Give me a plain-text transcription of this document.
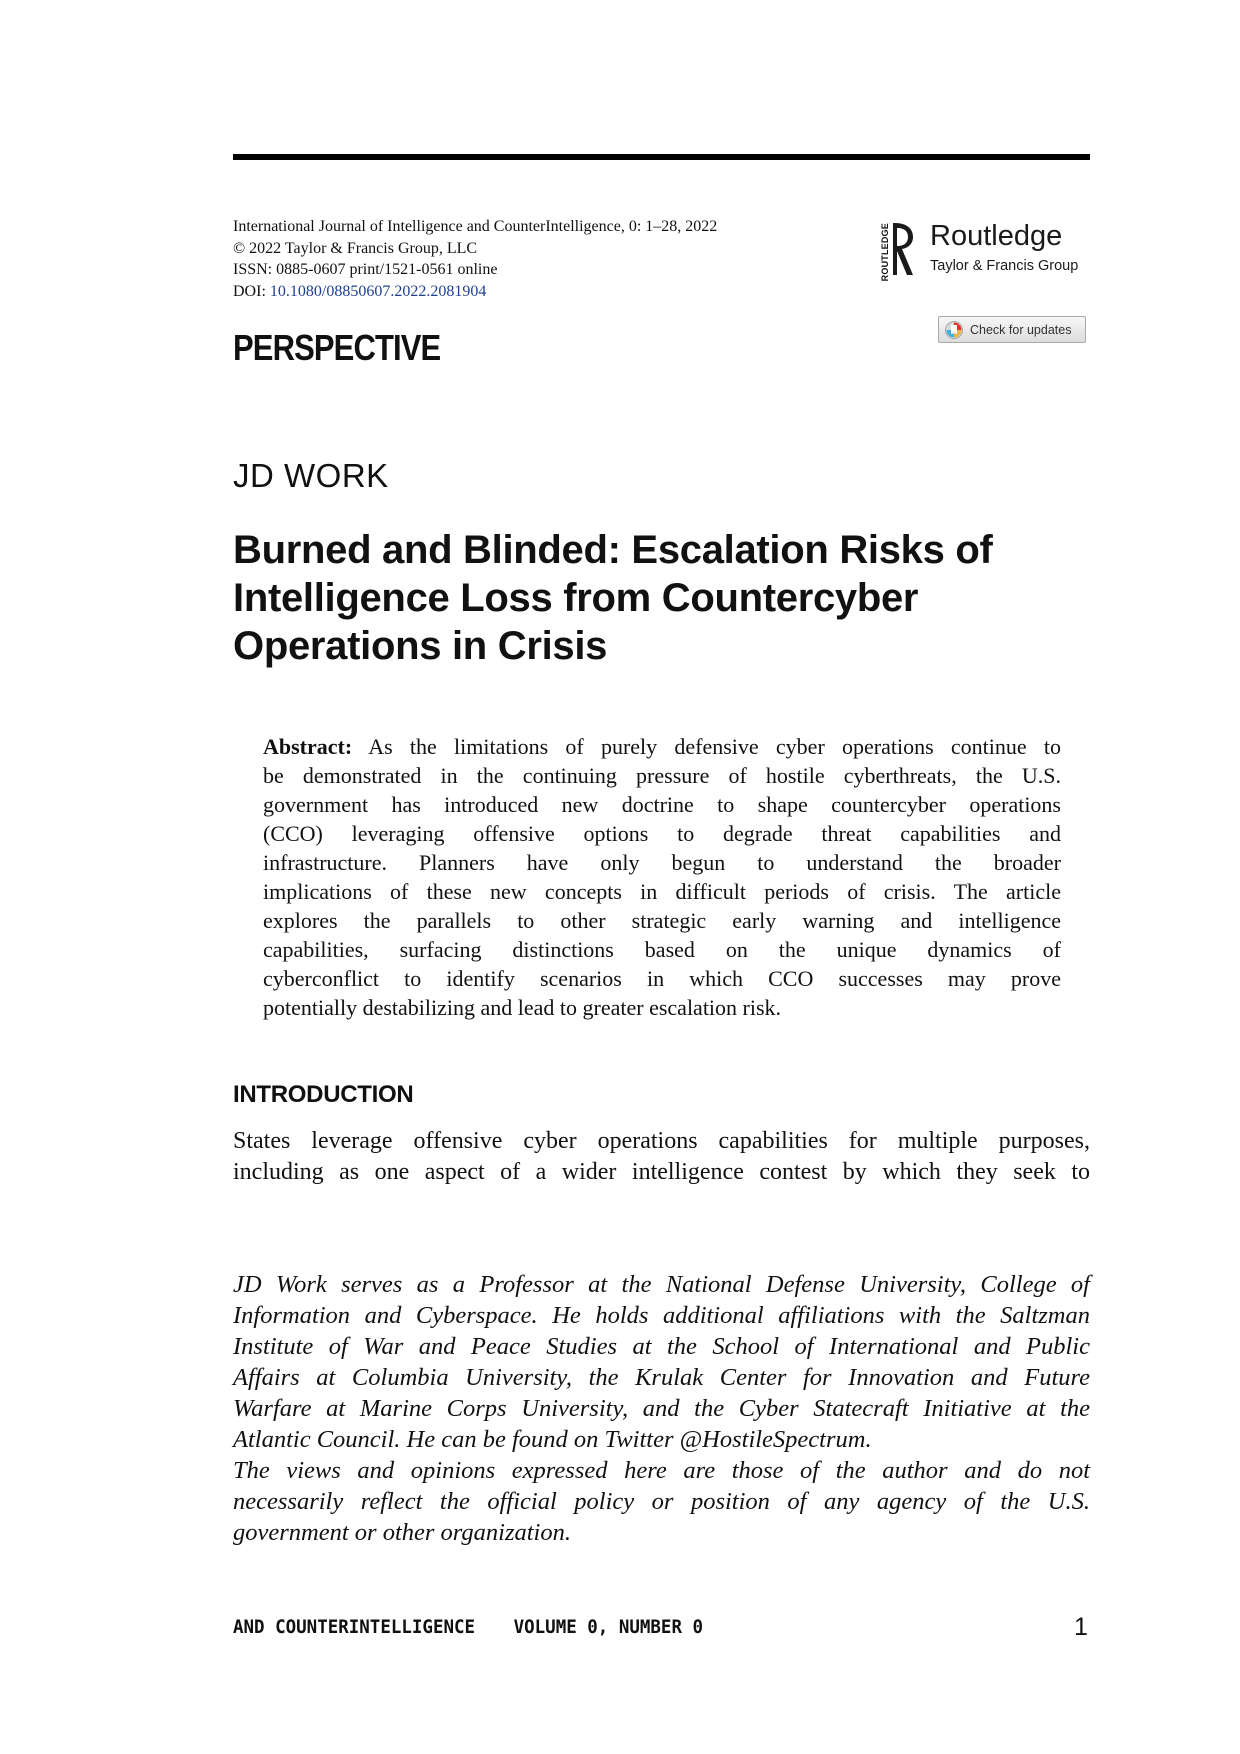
International Journal of Intelligence and CounterIntelligence, 0: 1–28, 2022
© 2022 Taylor & Francis Group, LLC
ISSN: 0885-0607 print/1521-0561 online
DOI: 10.1080/08850607.2022.2081904
ROUTLEDGE Routledge
Taylor & Francis Group
Check for updates
PERSPECTIVE
JD WORK
Burned and Blinded: Escalation Risks of
Intelligence Loss from Countercyber
Operations in Crisis

Abstract: As the limitations of purely defensive cyber operations continue to

be demonstrated in the continuing pressure of hostile cyberthreats, the U.S.

government has introduced new doctrine to shape countercyber operations

(CCO) leveraging offensive options to degrade threat capabilities and

infrastructure. Planners have only begun to understand the broader

implications of these new concepts in difficult periods of crisis. The article

explores the parallels to other strategic early warning and intelligence

capabilities, surfacing distinctions based on the unique dynamics of

cyberconflict to identify scenarios in which CCO successes may prove

potentially destabilizing and lead to greater escalation risk.

INTRODUCTION

States leverage offensive cyber operations capabilities for multiple purposes,

including as one aspect of a wider intelligence contest by which they seek to

JD Work serves as a Professor at the National Defense University, College of

Information and Cyberspace. He holds additional affiliations with the Saltzman

Institute of War and Peace Studies at the School of International and Public

Affairs at Columbia University, the Krulak Center for Innovation and Future

Warfare at Marine Corps University, and the Cyber Statecraft Initiative at the

Atlantic Council. He can be found on Twitter @HostileSpectrum.

The views and opinions expressed here are those of the author and do not

necessarily reflect the official policy or position of any agency of the U.S.

government or other organization.

AND COUNTERINTELLIGENCE VOLUME 0, NUMBER 0	1
